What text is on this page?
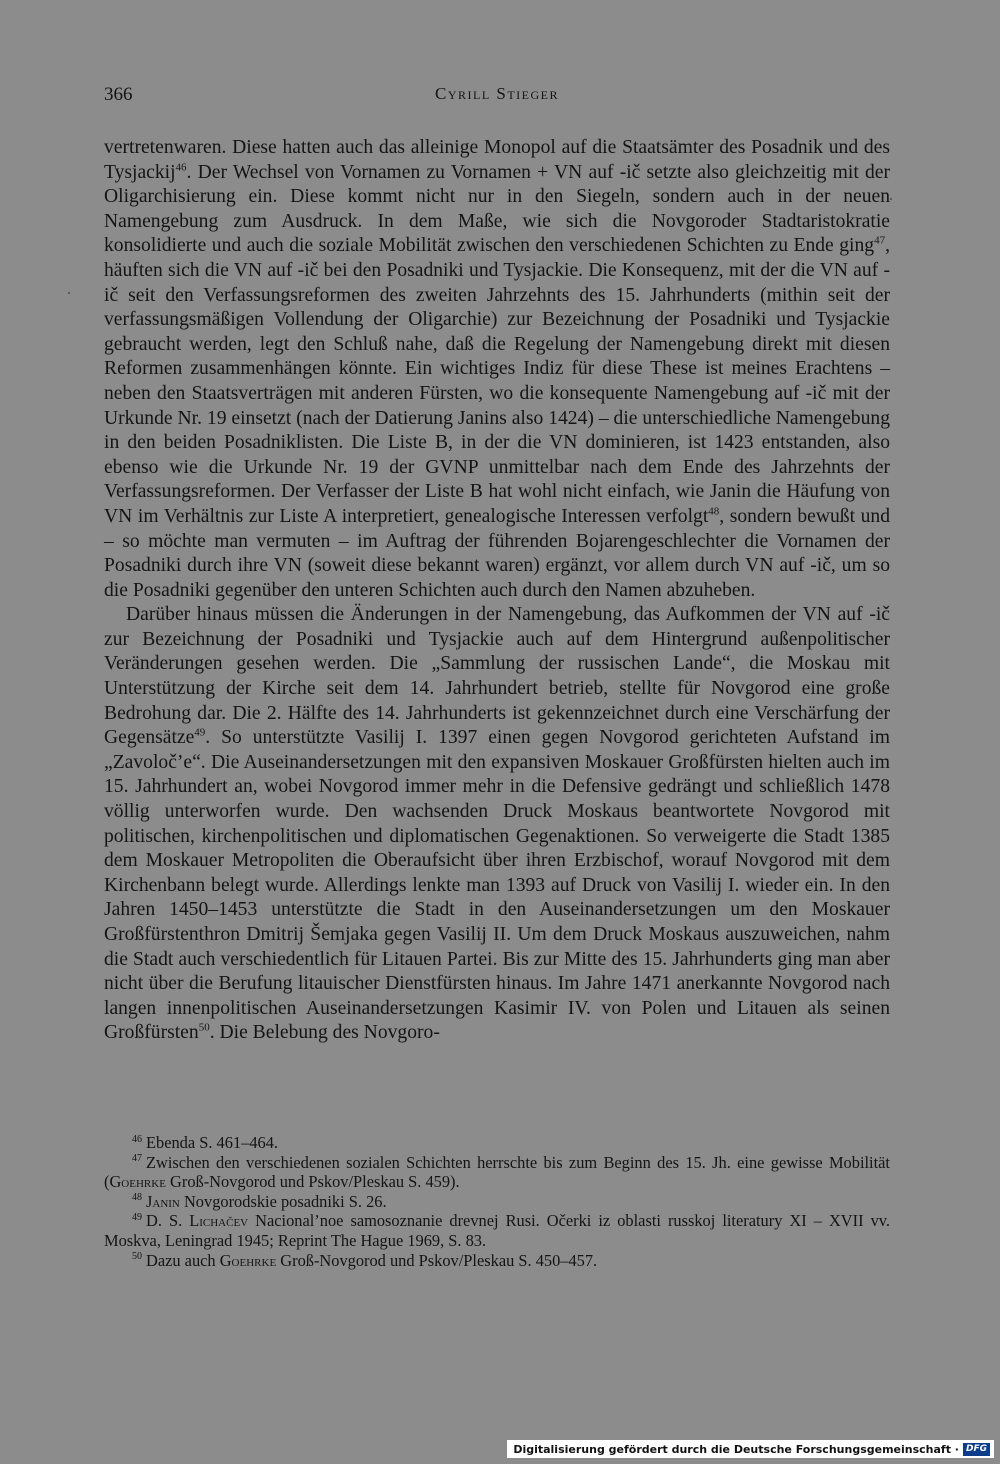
366	Cyrill Stieger

vertretenwaren. Diese hatten auch das alleinige Monopol auf die Staatsämter des Posadnik und des Tysjackij$^{46}$. Der Wechsel von Vornamen zu Vornamen + VN auf -ič setzte also gleichzeitig mit der Oligarchisierung ein. Diese kommt nicht nur in den Siegeln, sondern auch in der neuen Namengebung zum Ausdruck. In dem Maße, wie sich die Novgoroder Stadtaristokratie konsolidierte und auch die soziale Mobilität zwischen den verschiedenen Schichten zu Ende ging$^{47}$, häuften sich die VN auf -ič bei den Posadniki und Tysjackie. Die Konsequenz, mit der die VN auf -ič seit den Verfassungsreformen des zweiten Jahrzehnts des 15. Jahrhunderts (mithin seit der verfassungsmäßigen Vollendung der Oligarchie) zur Bezeichnung der Posadniki und Tysjackie gebraucht werden, legt den Schluß nahe, daß die Regelung der Namengebung direkt mit diesen Reformen zusammenhängen könnte. Ein wichtiges Indiz für diese These ist meines Erachtens – neben den Staatsverträgen mit anderen Fürsten, wo die konsequente Namengebung auf -ič mit der Urkunde Nr. 19 einsetzt (nach der Datierung Janins also 1424) – die unterschiedliche Namengebung in den beiden Posadniklisten. Die Liste B, in der die VN dominieren, ist 1423 entstanden, also ebenso wie die Urkunde Nr. 19 der GVNP unmittelbar nach dem Ende des Jahrzehnts der Verfassungsreformen. Der Verfasser der Liste B hat wohl nicht einfach, wie Janin die Häufung von VN im Verhältnis zur Liste A interpretiert, genealogische Interessen verfolgt$^{48}$, sondern bewußt und – so möchte man vermuten – im Auftrag der führenden Bojarengeschlechter die Vornamen der Posadniki durch ihre VN (soweit diese bekannt waren) ergänzt, vor allem durch VN auf -ič, um so die Posadniki gegenüber den unteren Schichten auch durch den Namen abzuheben.

Darüber hinaus müssen die Änderungen in der Namengebung, das Aufkommen der VN auf -ič zur Bezeichnung der Posadniki und Tysjackie auch auf dem Hintergrund außenpolitischer Veränderungen gesehen werden. Die „Sammlung der russischen Lande“, die Moskau mit Unterstützung der Kirche seit dem 14. Jahrhundert betrieb, stellte für Novgorod eine große Bedrohung dar. Die 2. Hälfte des 14. Jahrhunderts ist gekennzeichnet durch eine Verschärfung der Gegensätze$^{49}$. So unterstützte Vasilij I. 1397 einen gegen Novgorod gerichteten Aufstand im „Zavoloč’e“. Die Auseinandersetzungen mit den expansiven Moskauer Großfürsten hielten auch im 15. Jahrhundert an, wobei Novgorod immer mehr in die Defensive gedrängt und schließlich 1478 völlig unterworfen wurde. Den wachsenden Druck Moskaus beantwortete Novgorod mit politischen, kirchenpolitischen und diplomatischen Gegenaktionen. So verweigerte die Stadt 1385 dem Moskauer Metropoliten die Oberaufsicht über ihren Erzbischof, worauf Novgorod mit dem Kirchenbann belegt wurde. Allerdings lenkte man 1393 auf Druck von Vasilij I. wieder ein. In den Jahren 1450–1453 unterstützte die Stadt in den Auseinandersetzungen um den Moskauer Großfürstenthron Dmitrij Šemjaka gegen Vasilij II. Um dem Druck Moskaus auszuweichen, nahm die Stadt auch verschiedentlich für Litauen Partei. Bis zur Mitte des 15. Jahrhunderts ging man aber nicht über die Berufung litauischer Dienstfürsten hinaus. Im Jahre 1471 anerkannte Novgorod nach langen innenpolitischen Auseinandersetzungen Kasimir IV. von Polen und Litauen als seinen Großfürsten$^{50}$. Die Belebung des Novgoro-

$^{46}$ Ebenda S. 461–464.

$^{47}$ Zwischen den verschiedenen sozialen Schichten herrschte bis zum Beginn des 15. Jh. eine gewisse Mobilität (Goehrke Groß-Novgorod und Pskov/Pleskau S. 459).

$^{48}$ Janin Novgorodskie posadniki S. 26.

$^{49}$ D. S. Lichačev Nacional’noe samosoznanie drevnej Rusi. Očerki iz oblasti russkoj literatury XI – XVII vv. Moskva, Leningrad 1945; Reprint The Hague 1969, S. 83.

$^{50}$ Dazu auch Goehrke Groß-Novgorod und Pskov/Pleskau S. 450–457.

Digitalisierung gefördert durch die Deutsche Forschungsgemeinschaft · DFG
